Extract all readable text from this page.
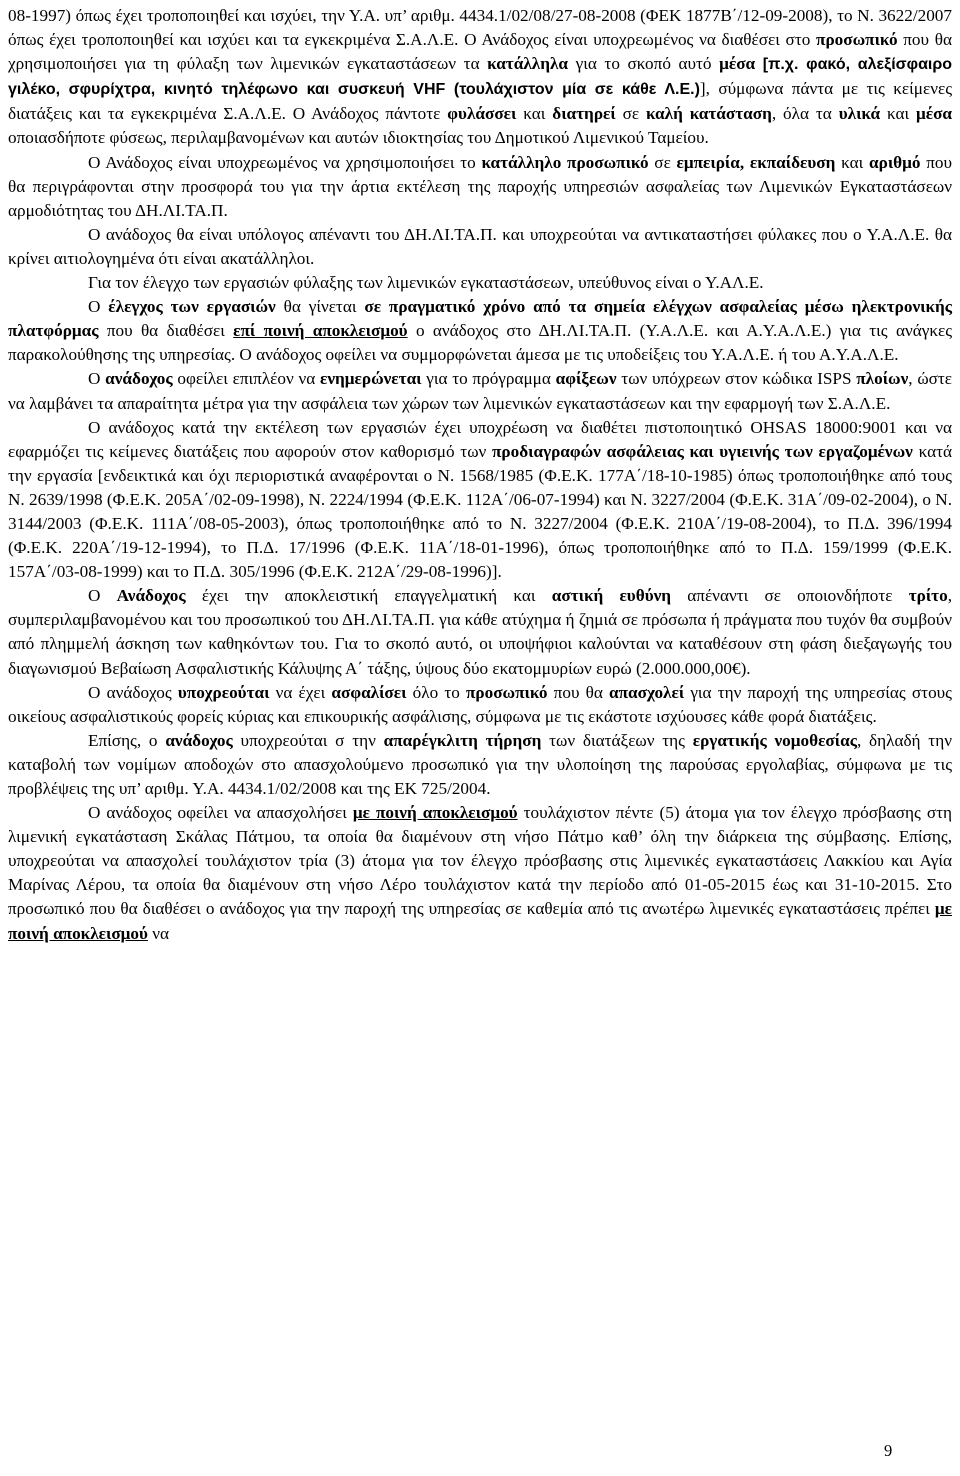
08-1997) όπως έχει τροποποιηθεί και ισχύει, την Υ.Α. υπ’ αριθμ. 4434.1/02/08/27-08-2008 (ΦΕΚ 1877Β΄/12-09-2008), το Ν. 3622/2007 όπως έχει τροποποιηθεί και ισχύει και τα εγκεκριμένα Σ.Α.Λ.Ε. Ο Ανάδοχος είναι υποχρεωμένος να διαθέσει στο προσωπικό που θα χρησιμοποιήσει για τη φύλαξη των λιμενικών εγκαταστάσεων τα κατάλληλα για το σκοπό αυτό μέσα [π.χ. φακό, αλεξίσφαιρο γιλέκο, σφυρίχτρα, κινητό τηλέφωνο και συσκευή VHF (τουλάχιστον μία σε κάθε Λ.Ε.)], σύμφωνα πάντα με τις κείμενες διατάξεις και τα εγκεκριμένα Σ.Α.Λ.Ε. Ο Ανάδοχος πάντοτε φυλάσσει και διατηρεί σε καλή κατάσταση, όλα τα υλικά και μέσα οποιασδήποτε φύσεως, περιλαμβανομένων και αυτών ιδιοκτησίας του Δημοτικού Λιμενικού Ταμείου.

Ο Ανάδοχος είναι υποχρεωμένος να χρησιμοποιήσει το κατάλληλο προσωπικό σε εμπειρία, εκπαίδευση και αριθμό που θα περιγράφονται στην προσφορά του για την άρτια εκτέλεση της παροχής υπηρεσιών ασφαλείας των Λιμενικών Εγκαταστάσεων αρμοδιότητας του ΔΗ.ΛΙ.ΤΑ.Π.

Ο ανάδοχος θα είναι υπόλογος απέναντι του ΔΗ.ΛΙ.ΤΑ.Π. και υποχρεούται να αντικαταστήσει φύλακες που ο Υ.Α.Λ.Ε. θα κρίνει αιτιολογημένα ότι είναι ακατάλληλοι.

Για τον έλεγχο των εργασιών φύλαξης των λιμενικών εγκαταστάσεων, υπεύθυνος είναι ο Υ.ΑΛ.Ε.

Ο έλεγχος των εργασιών θα γίνεται σε πραγματικό χρόνο από τα σημεία ελέγχων ασφαλείας μέσω ηλεκτρονικής πλατφόρμας που θα διαθέσει επί ποινή αποκλεισμού ο ανάδοχος στο ΔΗ.ΛΙ.ΤΑ.Π. (Υ.Α.Λ.Ε. και Α.Υ.Α.Λ.Ε.) για τις ανάγκες παρακολούθησης της υπηρεσίας. Ο ανάδοχος οφείλει να συμμορφώνεται άμεσα με τις υποδείξεις του Υ.Α.Λ.Ε. ή του Α.Υ.Α.Λ.Ε.

Ο ανάδοχος οφείλει επιπλέον να ενημερώνεται για το πρόγραμμα αφίξεων των υπόχρεων στον κώδικα ISPS πλοίων, ώστε να λαμβάνει τα απαραίτητα μέτρα για την ασφάλεια των χώρων των λιμενικών εγκαταστάσεων και την εφαρμογή των Σ.Α.Λ.Ε.

Ο ανάδοχος κατά την εκτέλεση των εργασιών έχει υποχρέωση να διαθέτει πιστοποιητικό OHSAS 18000:9001 και να εφαρμόζει τις κείμενες διατάξεις που αφορούν στον καθορισμό των προδιαγραφών ασφάλειας και υγιεινής των εργαζομένων κατά την εργασία [ενδεικτικά και όχι περιοριστικά αναφέρονται ο Ν. 1568/1985 (Φ.Ε.Κ. 177Α΄/18-10-1985) όπως τροποποιήθηκε από τους Ν. 2639/1998 (Φ.Ε.Κ. 205Α΄/02-09-1998), Ν. 2224/1994 (Φ.Ε.Κ. 112Α΄/06-07-1994) και Ν. 3227/2004 (Φ.Ε.Κ. 31Α΄/09-02-2004), ο Ν. 3144/2003 (Φ.Ε.Κ. 111Α΄/08-05-2003), όπως τροποποιήθηκε από το Ν. 3227/2004 (Φ.Ε.Κ. 210Α΄/19-08-2004), το Π.Δ. 396/1994 (Φ.Ε.Κ. 220Α΄/19-12-1994), το Π.Δ. 17/1996 (Φ.Ε.Κ. 11Α΄/18-01-1996), όπως τροποποιήθηκε από το Π.Δ. 159/1999 (Φ.Ε.Κ. 157Α΄/03-08-1999) και το Π.Δ. 305/1996 (Φ.Ε.Κ. 212Α΄/29-08-1996)].

Ο Ανάδοχος έχει την αποκλειστική επαγγελματική και αστική ευθύνη απέναντι σε οποιονδήποτε τρίτο, συμπεριλαμβανομένου και του προσωπικού του ΔΗ.ΛΙ.ΤΑ.Π. για κάθε ατύχημα ή ζημιά σε πρόσωπα ή πράγματα που τυχόν θα συμβούν από πλημμελή άσκηση των καθηκόντων του. Για το σκοπό αυτό, οι υποψήφιοι καλούνται να καταθέσουν στη φάση διεξαγωγής του διαγωνισμού Βεβαίωση Ασφαλιστικής Κάλυψης Α΄ τάξης, ύψους δύο εκατομμυρίων ευρώ (2.000.000,00€).

Ο ανάδοχος υποχρεούται να έχει ασφαλίσει όλο το προσωπικό που θα απασχολεί για την παροχή της υπηρεσίας στους οικείους ασφαλιστικούς φορείς κύριας και επικουρικής ασφάλισης, σύμφωνα με τις εκάστοτε ισχύουσες κάθε φορά διατάξεις.

Επίσης, ο ανάδοχος υποχρεούται σ την απαρέγκλιτη τήρηση των διατάξεων της εργατικής νομοθεσίας, δηλαδή την καταβολή των νομίμων αποδοχών στο απασχολούμενο προσωπικό για την υλοποίηση της παρούσας εργολαβίας, σύμφωνα με τις προβλέψεις της υπ’ αριθμ. Υ.Α. 4434.1/02/2008 και της ΕΚ 725/2004.

Ο ανάδοχος οφείλει να απασχολήσει με ποινή αποκλεισμού τουλάχιστον πέντε (5) άτομα για τον έλεγχο πρόσβασης στη λιμενική εγκατάσταση Σκάλας Πάτμου, τα οποία θα διαμένουν στη νήσο Πάτμο καθ’ όλη την διάρκεια της σύμβασης. Επίσης, υποχρεούται να απασχολεί τουλάχιστον τρία (3) άτομα για τον έλεγχο πρόσβασης στις λιμενικές εγκαταστάσεις Λακκίου και Αγία Μαρίνας Λέρου, τα οποία θα διαμένουν στη νήσο Λέρο τουλάχιστον κατά την περίοδο από 01-05-2015 έως και 31-10-2015. Στο προσωπικό που θα διαθέσει ο ανάδοχος για την παροχή της υπηρεσίας σε καθεμία από τις ανωτέρω λιμενικές εγκαταστάσεις πρέπει με ποινή αποκλεισμού να

9
